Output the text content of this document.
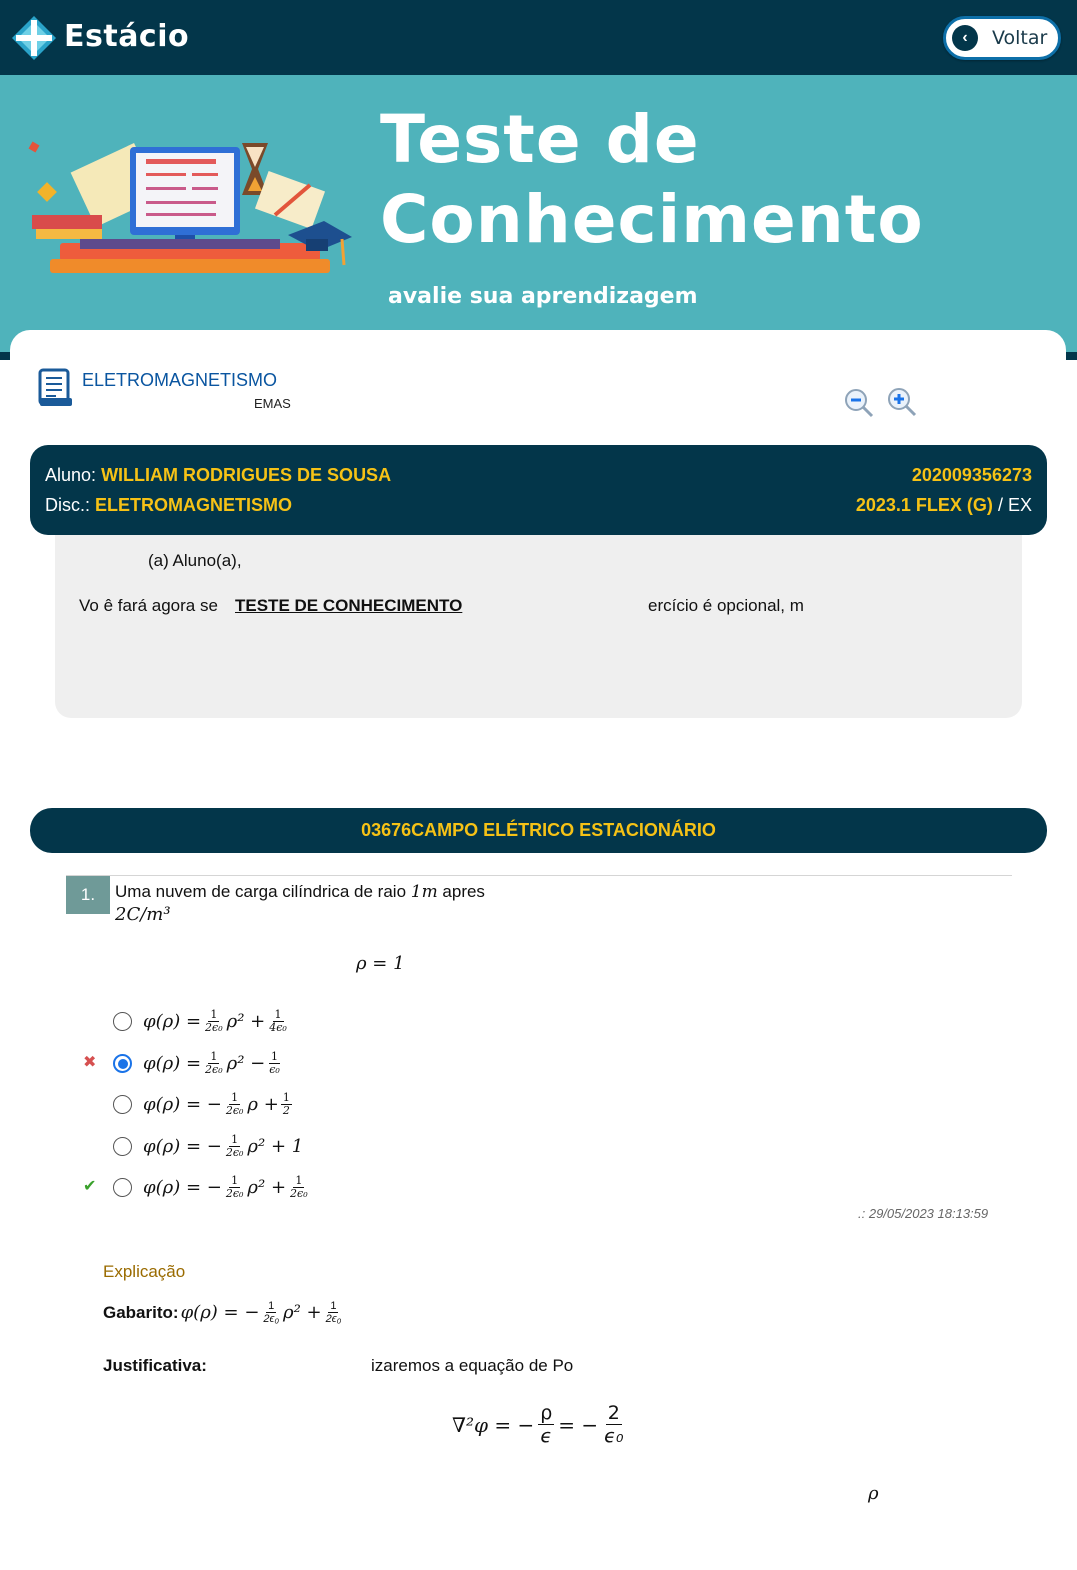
Estácio	‹	Voltar
Teste de
Conhecimento
avalie sua aprendizagem
ELETROMAGNETISMO
EMAS
Aluno: WILLIAM RODRIGUES DE SOUSA	202009356273
Disc.: ELETROMAGNETISMO	2023.1 FLEX (G) / EX
(a) Aluno(a),
Vo ê fará agora se TESTE DE CONHECIMENTO	ercício é opcional, m
03676CAMPO ELÉTRICO ESTACIONÁRIO
1.	Uma nuvem de carga cilíndrica de raio 1m apres
2C/m³
ρ = 1
$\varphi(\rho) = \frac{1}{\text{2ϵ₀}} \rho^2 + \frac{1}{\text{4ϵ₀}}$
$\varphi(\rho) = \frac{1}{\text{2ϵ₀}} \rho^2 - \frac{1}{\text{ϵ₀}}$
✖
φ(ρ) = − $\frac{1}{\text{2ϵ₀}}$ $\rho + \frac{1}{2}$
φ(ρ) = − $\frac{1}{\text{2ϵ₀}} \rho^2 + 1$
φ(ρ) = − $\frac{1}{\text{2ϵ₀}} \rho^2 + \frac{1}{\text{2ϵ₀}}$
✔
.: 29/05/2023 18:13:59
Explicação
Gabarito: φ(ρ) = − $\frac{1}{\text{2ϵ₀}} \rho^2 + \frac{1}{\text{2ϵ₀}}$
Justificativa:	izaremos a equação de Po
∇²φ = − $\frac{\rho}{\epsilon}$ = − $\frac{2}{\text{ϵ₀}}$
ρ
